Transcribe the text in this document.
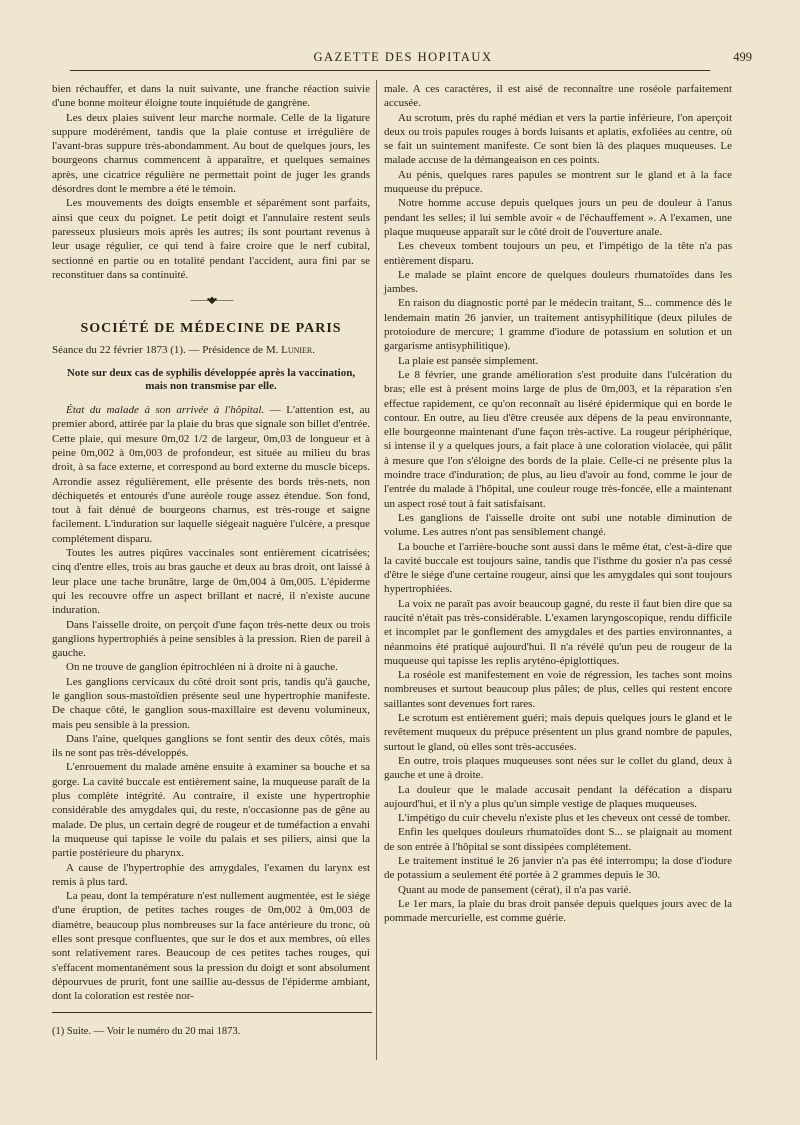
GAZETTE DES HOPITAUX	499

bien réchauffer, et dans la nuit suivante, une franche réaction suivie d'une bonne moiteur éloigne toute inquiétude de gangrène.

Les deux plaies suivent leur marche normale. Celle de la ligature suppure modérément, tandis que la plaie contuse et irrégulière de l'avant-bras suppure très-abondamment. Au bout de quelques jours, les bourgeons charnus commencent à apparaître, et quelques semaines après, une cicatrice régulière ne permettait point de juger les grands désordres dont le membre a été le témoin.

Les mouvements des doigts ensemble et séparément sont parfaits, ainsi que ceux du poignet. Le petit doigt et l'annulaire restent seuls paresseux plusieurs mois après les autres; ils sont pourtant revenus à leur usage régulier, ce qui tend à faire croire que le nerf cubital, sectionné en partie ou en totalité pendant l'accident, aura fini par se reconstituer dans sa continuité.

——•◆•——
SOCIÉTÉ DE MÉDECINE DE PARIS

Séance du 22 février 1873 (1). — Présidence de M. Lunier.

Note sur deux cas de syphilis développée après la vaccination, mais non transmise par elle.

État du malade à son arrivée à l'hôpital. — L'attention est, au premier abord, attirée par la plaie du bras que signale son billet d'entrée. Cette plaie, qui mesure 0m,02 1/2 de largeur, 0m,03 de longueur et à peine 0m,002 à 0m,003 de profondeur, est située au milieu du bras droit, à sa face externe, et correspond au bord externe du muscle biceps. Arrondie assez régulièrement, elle présente des bords très-nets, non déchiquetés et entourés d'une auréole rouge assez étendue. Son fond, tout à fait dénué de bourgeons charnus, est très-rouge et saigne facilement. L'induration sur laquelle siégeait naguère l'ulcère, a presque complétement disparu.

Toutes les autres piqûres vaccinales sont entièrement cicatrisées; cinq d'entre elles, trois au bras gauche et deux au bras droit, ont laissé à leur place une tache brunâtre, large de 0m,004 à 0m,005. L'épiderme qui les recouvre offre un aspect brillant et nacré, il n'existe aucune induration.

Dans l'aisselle droite, on perçoit d'une façon très-nette deux ou trois ganglions hypertrophiés à peine sensibles à la pression. Rien de pareil à gauche.

On ne trouve de ganglion épitrochléen ni à droite ni à gauche.

Les ganglions cervicaux du côté droit sont pris, tandis qu'à gauche, le ganglion sous-mastoïdien présente seul une hypertrophie manifeste. De chaque côté, le ganglion sous-maxillaire est devenu volumineux, mais peu sensible à la pression.

Dans l'aine, quelques ganglions se font sentir des deux côtés, mais ils ne sont pas très-développés.

L'enrouement du malade amène ensuite à examiner sa bouche et sa gorge. La cavité buccale est entièrement saine, la muqueuse paraît de la plus complète intégrité. Au contraire, il existe une hypertrophie considérable des amygdales qui, du reste, n'occasionne pas de gêne au malade. De plus, un certain degré de rougeur et de tuméfaction a envahi la muqueuse qui tapisse le voile du palais et ses piliers, ainsi que la partie postérieure du pharynx.

A cause de l'hypertrophie des amygdales, l'examen du larynx est remis à plus tard.

La peau, dont la température n'est nullement augmentée, est le siége d'une éruption, de petites taches rouges de 0m,002 à 0m,003 de diamètre, beaucoup plus nombreuses sur la face antérieure du tronc, où elles sont presque confluentes, que sur le dos et aux membres, où elles sont relativement rares. Beaucoup de ces petites taches rouges, qui s'effacent momentanément sous la pression du doigt et sont absolument dépourvues de prurit, font une saillie au-dessus de l'épiderme ambiant, dont la coloration est restée nor-

(1) Suite. — Voir le numéro du 20 mai 1873.

male. A ces caractères, il est aisé de reconnaître une roséole parfaitement accusée.

Au scrotum, près du raphé médian et vers la partie inférieure, l'on aperçoit deux ou trois papules rouges à bords luisants et aplatis, exfoliées au centre, où se fait un suintement manifeste. Ce sont bien là des plaques muqueuses. Le malade accuse de la démangeaison en ces points.

Au pénis, quelques rares papules se montrent sur le gland et à la face muqueuse du prépuce.

Notre homme accuse depuis quelques jours un peu de douleur à l'anus pendant les selles; il lui semble avoir « de l'échauffement ». A l'examen, une plaque muqueuse apparaît sur le côté droit de l'ouverture anale.

Les cheveux tombent toujours un peu, et l'impétigo de la tête n'a pas entièrement disparu.

Le malade se plaint encore de quelques douleurs rhumatoïdes dans les jambes.

En raison du diagnostic porté par le médecin traitant, S... commence dès le lendemain matin 26 janvier, un traitement antisyphilitique (deux pilules de protoiodure de mercure; 1 gramme d'iodure de potassium en solution et un gargarisme antisyphilitique).

La plaie est pansée simplement.

Le 8 février, une grande amélioration s'est produite dans l'ulcération du bras; elle est à présent moins large de plus de 0m,003, et la réparation s'en effectue rapidement, ce qu'on reconnaît au liséré épidermique qui en borde le contour. En outre, au lieu d'être creusée aux dépens de la peau environnante, elle bourgeonne maintenant d'une façon très-active. La rougeur périphérique, si intense il y a quelques jours, a fait place à une coloration violacée, qui pâlit à mesure que l'on s'éloigne des bords de la plaie. Celle-ci ne présente plus la moindre trace d'induration; de plus, au lieu d'avoir au fond, comme le jour de l'entrée du malade à l'hôpital, une couleur rouge très-foncée, elle a maintenant un aspect rosé tout à fait satisfaisant.

Les ganglions de l'aisselle droite ont subi une notable diminution de volume. Les autres n'ont pas sensiblement changé.

La bouche et l'arrière-bouche sont aussi dans le même état, c'est-à-dire que la cavité buccale est toujours saine, tandis que l'isthme du gosier n'a pas cessé d'être le siége d'une certaine rougeur, ainsi que les amygdales qui sont toujours hypertrophiées.

La voix ne paraît pas avoir beaucoup gagné, du reste il faut bien dire que sa raucité n'était pas très-considérable. L'examen laryngoscopique, rendu difficile et incomplet par le gonflement des amygdales et des parties environnantes, a néanmoins été pratiqué aujourd'hui. Il n'a révélé qu'un peu de rougeur de la muqueuse qui tapisse les replis aryténo-épiglottiques.

La roséole est manifestement en voie de régression, les taches sont moins nombreuses et surtout beaucoup plus pâles; de plus, celles qui restent encore saillantes sont devenues fort rares.

Le scrotum est entièrement guéri; mais depuis quelques jours le gland et le revêtement muqueux du prépuce présentent un plus grand nombre de papules, surtout le gland, où elles sont très-accusées.

En outre, trois plaques muqueuses sont nées sur le collet du gland, deux à gauche et une à droite.

La douleur que le malade accusait pendant la défécation a disparu aujourd'hui, et il n'y a plus qu'un simple vestige de plaques muqueuses.

L'impétigo du cuir chevelu n'existe plus et les cheveux ont cessé de tomber.

Enfin les quelques douleurs rhumatoïdes dont S... se plaignait au moment de son entrée à l'hôpital se sont dissipées complétement.

Le traitement institué le 26 janvier n'a pas été interrompu; la dose d'iodure de potassium a seulement été portée à 2 grammes depuis le 30.

Quant au mode de pansement (cérat), il n'a pas varié.

Le 1er mars, la plaie du bras droit pansée depuis quelques jours avec de la pommade mercurielle, est comme guérie.
